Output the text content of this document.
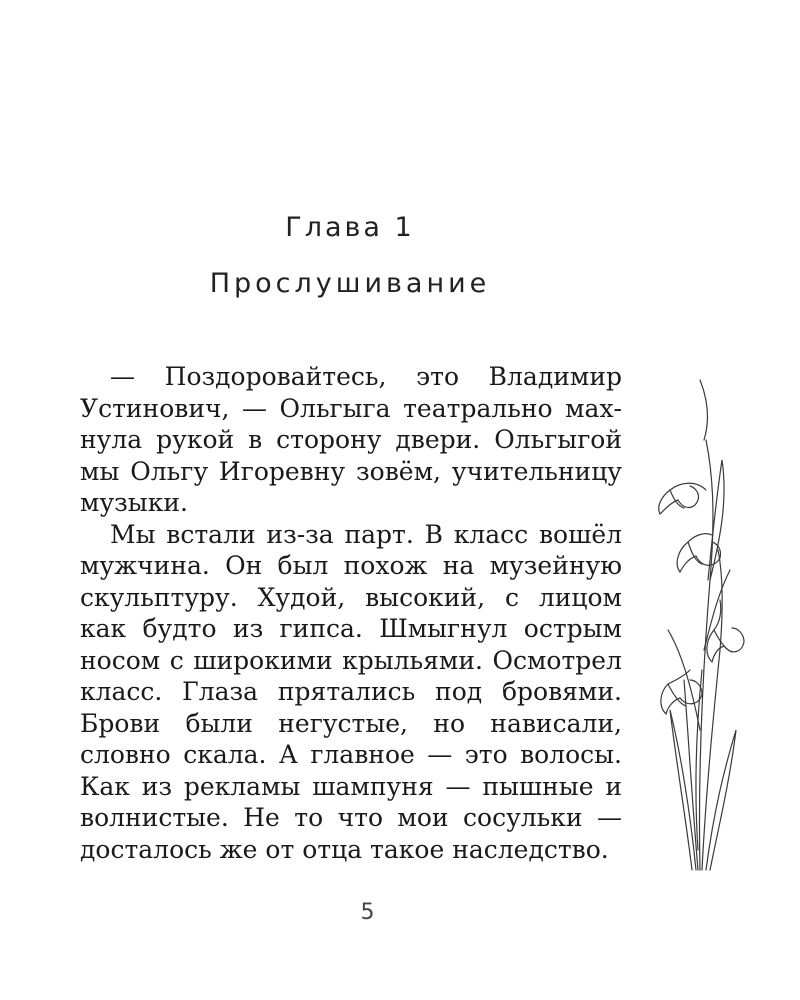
Глава 1
Прослушивание

— Поздоровайтесь, это Владимир Устинович, — Ольгыга театрально махнула рукой в сторону двери. Ольгыгой мы Ольгу Игоревну зовём, учительницу музыки.

Мы встали из-за парт. В класс вошёл мужчина. Он был похож на музейную скульптуру. Худой, высокий, с лицом как будто из гипса. Шмыгнул острым носом с широкими крыльями. Осмотрел класс. Глаза прятались под бровями. Брови были негустые, но нависали, словно скала. А главное — это волосы. Как из рекламы шампуня — пышные и волнистые. Не то что мои сосульки — досталось же от отца такое наследство.

5
